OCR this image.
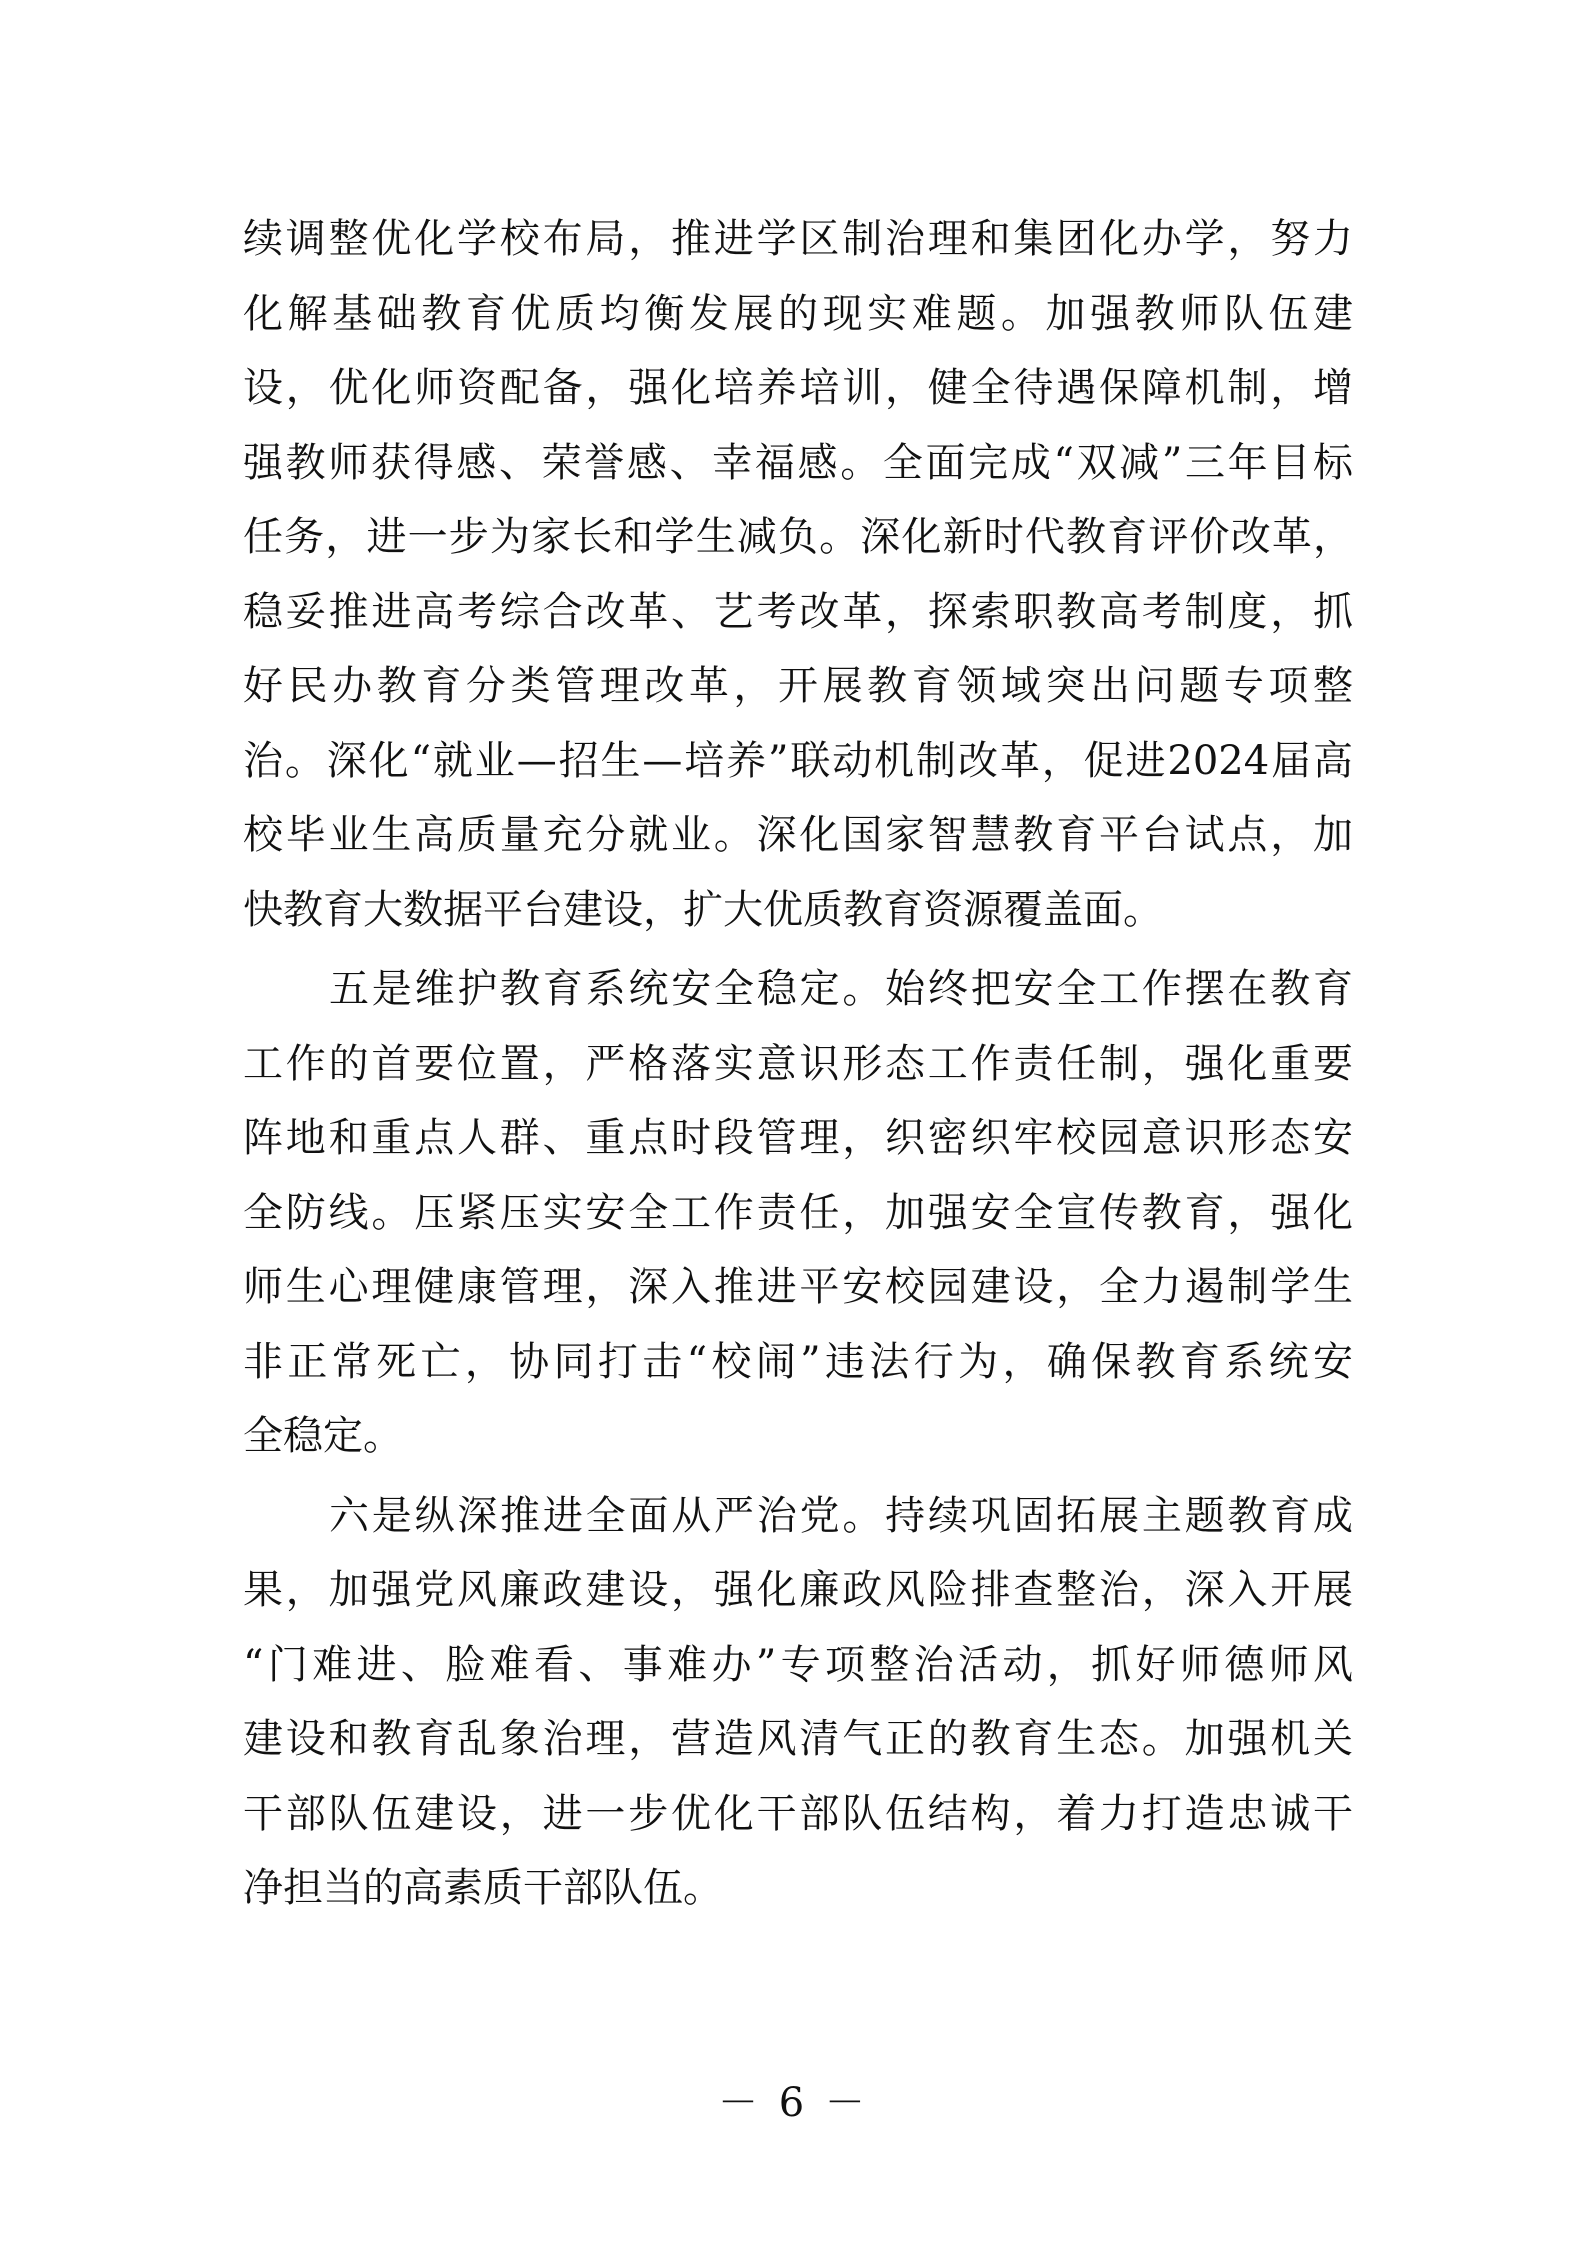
续调整优化学校布局，推进学区制治理和集团化办学，努力
化解基础教育优质均衡发展的现实难题。加强教师队伍建
设，优化师资配备，强化培养培训，健全待遇保障机制，增
强教师获得感、荣誉感、幸福感。全面完成“双减”三年目标
任务，进一步为家长和学生减负。深化新时代教育评价改革，
稳妥推进高考综合改革、艺考改革，探索职教高考制度，抓
好民办教育分类管理改革，开展教育领域突出问题专项整
治。深化“就业—招生—培养”联动机制改革，促进2024届高
校毕业生高质量充分就业。深化国家智慧教育平台试点，加
快教育大数据平台建设，扩大优质教育资源覆盖面。
五是维护教育系统安全稳定。始终把安全工作摆在教育
工作的首要位置，严格落实意识形态工作责任制，强化重要
阵地和重点人群、重点时段管理，织密织牢校园意识形态安
全防线。压紧压实安全工作责任，加强安全宣传教育，强化
师生心理健康管理，深入推进平安校园建设，全力遏制学生
非正常死亡，协同打击“校闹”违法行为，确保教育系统安
全稳定。
六是纵深推进全面从严治党。持续巩固拓展主题教育成
果，加强党风廉政建设，强化廉政风险排查整治，深入开展
“门难进、脸难看、事难办”专项整治活动，抓好师德师风
建设和教育乱象治理，营造风清气正的教育生态。加强机关
干部队伍建设，进一步优化干部队伍结构，着力打造忠诚干
净担当的高素质干部队伍。
－ 6 －
